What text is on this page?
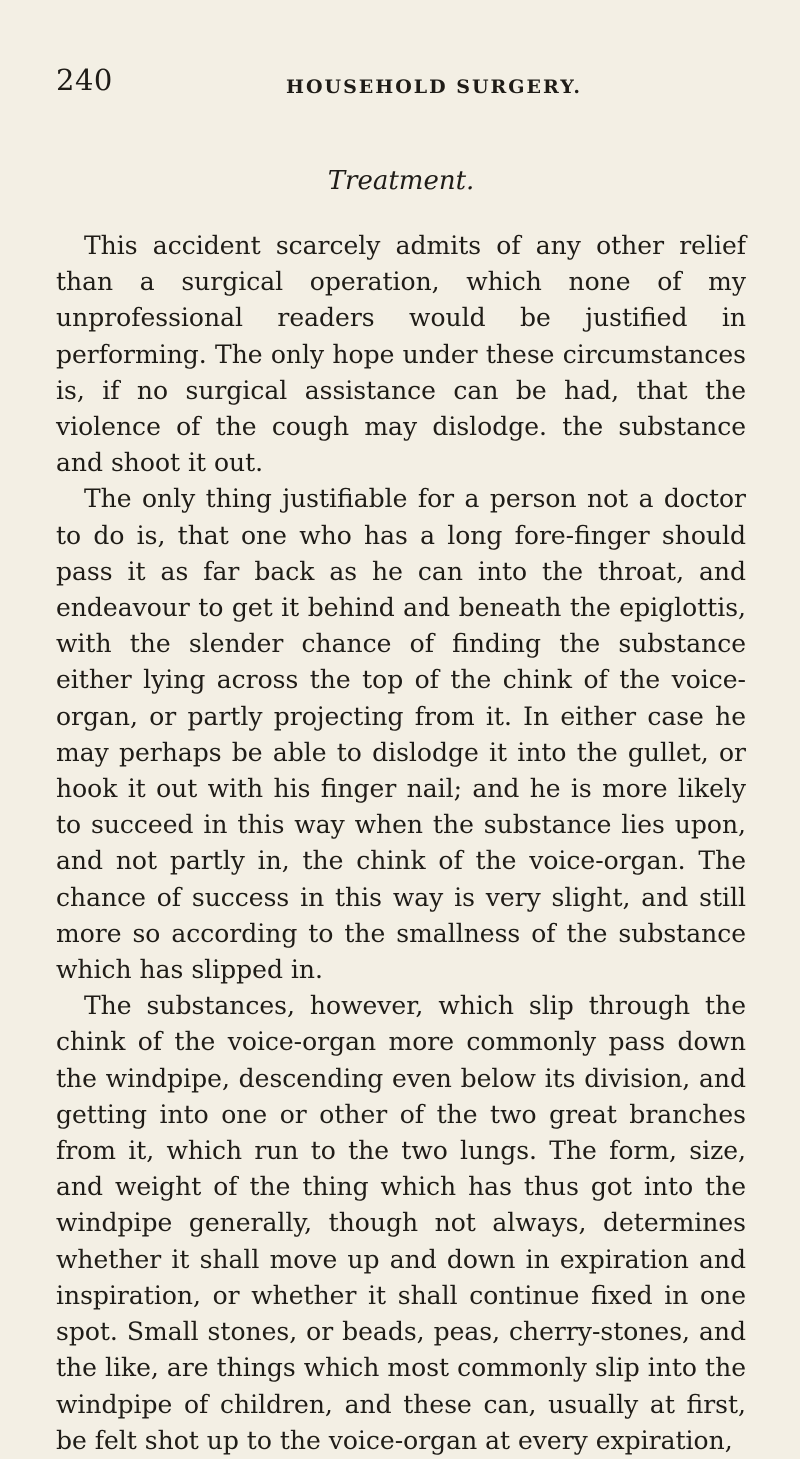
240	HOUSEHOLD SURGERY.
Treatment.

This accident scarcely admits of any other relief than a surgical operation, which none of my unprofessional readers would be justified in performing. The only hope under these circumstances is, if no surgical assistance can be had, that the violence of the cough may dislodge. the substance and shoot it out.

The only thing justifiable for a person not a doctor to do is, that one who has a long fore-finger should pass it as far back as he can into the throat, and endeavour to get it behind and beneath the epiglottis, with the slender chance of finding the substance either lying across the top of the chink of the voice-organ, or partly projecting from it. In either case he may perhaps be able to dislodge it into the gullet, or hook it out with his finger nail; and he is more likely to succeed in this way when the substance lies upon, and not partly in, the chink of the voice-organ. The chance of success in this way is very slight, and still more so according to the smallness of the substance which has slipped in.

The substances, however, which slip through the chink of the voice-organ more commonly pass down the windpipe, descending even below its division, and getting into one or other of the two great branches from it, which run to the two lungs. The form, size, and weight of the thing which has thus got into the windpipe generally, though not always, determines whether it shall move up and down in expiration and inspiration, or whether it shall continue fixed in one spot. Small stones, or beads, peas, cherry-stones, and the like, are things which most commonly slip into the windpipe of children, and these can, usually at first, be felt shot up to the voice-organ at every expiration,
